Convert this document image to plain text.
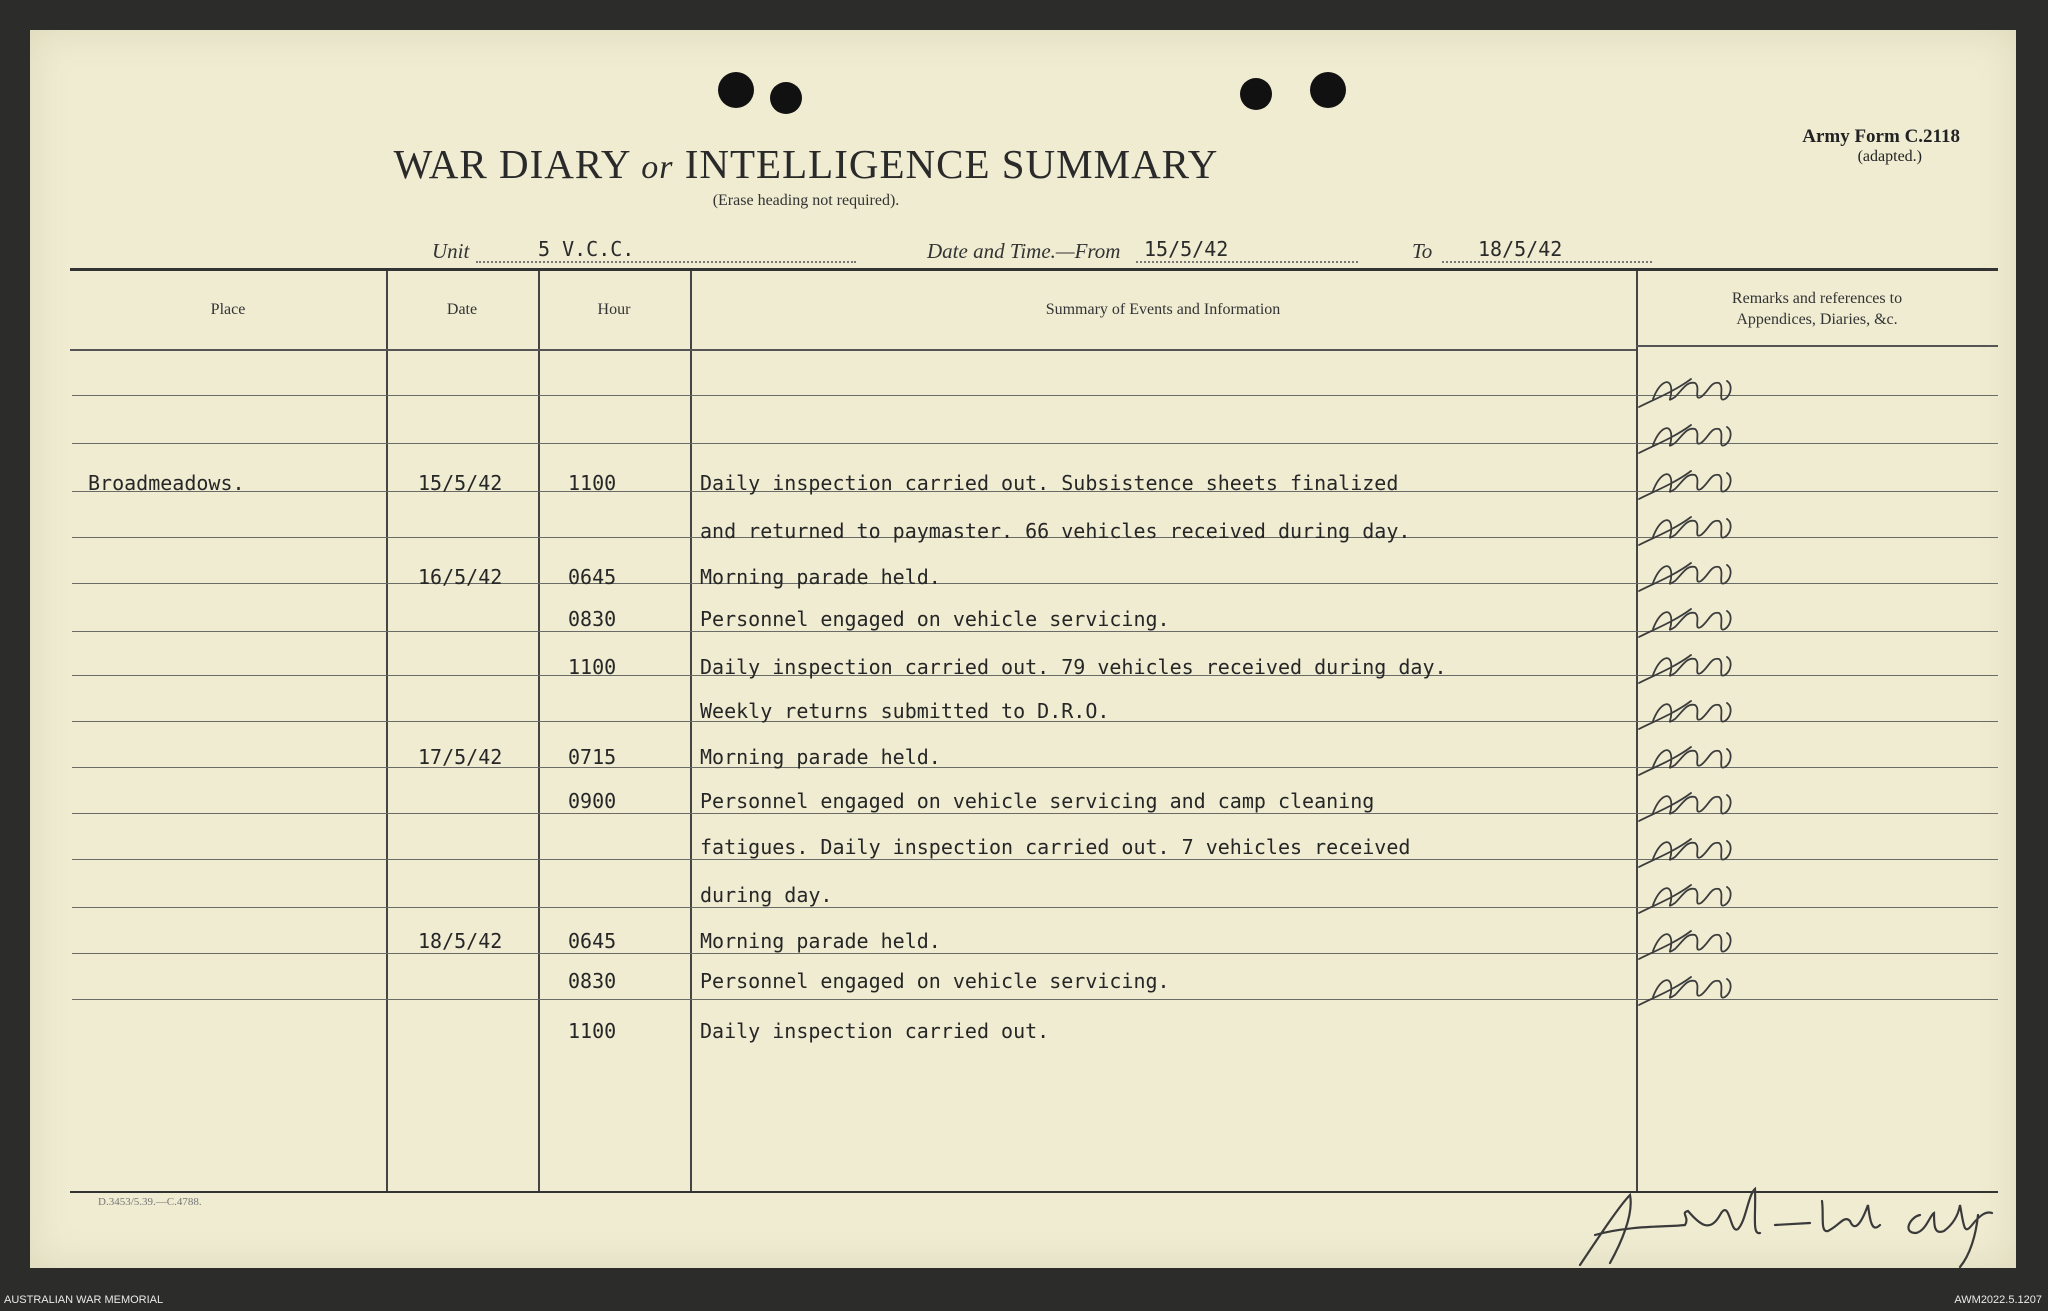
WAR DIARY or INTELLIGENCE SUMMARY
(Erase heading not required).
Army Form C.2118
(adapted.)
Unit	5 V.C.C.	Date and Time.—From 15/5/42	To 18/5/42
Place	Date	Hour	Summary of Events and Information
Remarks and references to
Appendices, Diaries, &c.
Broadmeadows.	15/5/42	1100	Daily inspection carried out. Subsistence sheets finalized
and returned to paymaster. 66 vehicles received during day.
16/5/42	0645	Morning parade held.
0830	Personnel engaged on vehicle servicing.
1100	Daily inspection carried out. 79 vehicles received during day.
Weekly returns submitted to D.R.O.
17/5/42	0715	Morning parade held.
0900	Personnel engaged on vehicle servicing and camp cleaning
fatigues. Daily inspection carried out. 7 vehicles received
during day.
18/5/42	0645	Morning parade held.
0830	Personnel engaged on vehicle servicing.
1100	Daily inspection carried out.
D.3453/5.39.—C.4788.
AUSTRALIAN WAR MEMORIAL	AWM2022.5.1207
